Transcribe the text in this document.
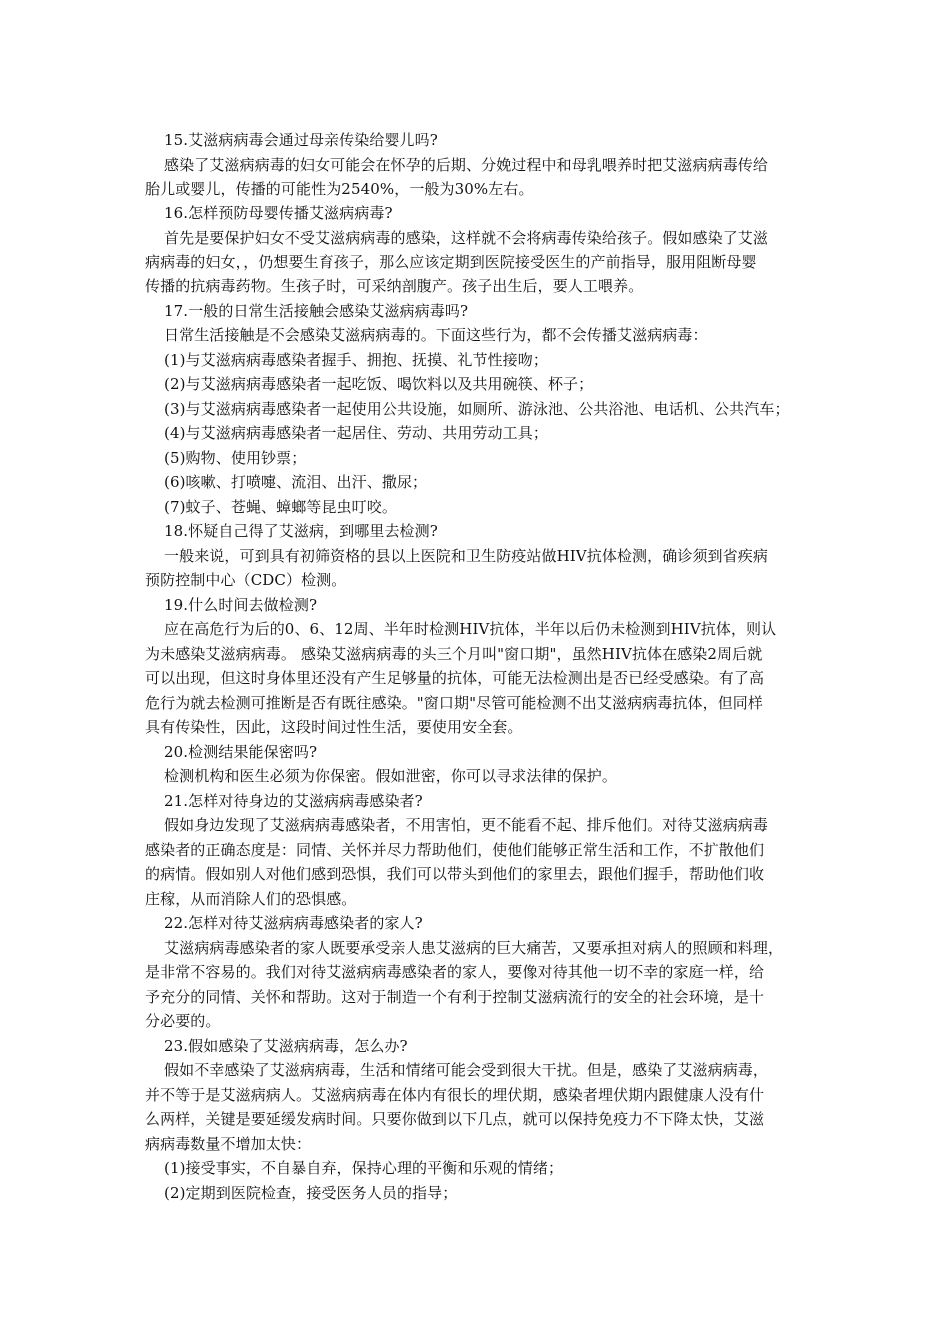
15.艾滋病病毒会通过母亲传染给婴儿吗?
感染了艾滋病病毒的妇女可能会在怀孕的后期、分娩过程中和母乳喂养时把艾滋病病毒传给
胎儿或婴儿，传播的可能性为2540%，一般为30%左右。
16.怎样预防母婴传播艾滋病病毒?
首先是要保护妇女不受艾滋病病毒的感染，这样就不会将病毒传染给孩子。假如感染了艾滋
病病毒的妇女，，仍想要生育孩子，那么应该定期到医院接受医生的产前指导，服用阻断母婴
传播的抗病毒药物。生孩子时，可采纳剖腹产。孩子出生后，要人工喂养。
17.一般的日常生活接触会感染艾滋病病毒吗?
日常生活接触是不会感染艾滋病病毒的。下面这些行为，都不会传播艾滋病病毒：
(1)与艾滋病病毒感染者握手、拥抱、抚摸、礼节性接吻；
(2)与艾滋病病毒感染者一起吃饭、喝饮料以及共用碗筷、杯子；
(3)与艾滋病病毒感染者一起使用公共设施，如厕所、游泳池、公共浴池、电话机、公共汽车；
(4)与艾滋病病毒感染者一起居住、劳动、共用劳动工具；
(5)购物、使用钞票；
(6)咳嗽、打喷嚏、流泪、出汗、撒尿；
(7)蚊子、苍蝇、蟑螂等昆虫叮咬。
18.怀疑自己得了艾滋病，到哪里去检测?
一般来说，可到具有初筛资格的县以上医院和卫生防疫站做HIV抗体检测，确诊须到省疾病
预防控制中心（CDC）检测。
19.什么时间去做检测?
应在高危行为后的0、6、12周、半年时检测HIV抗体，半年以后仍未检测到HIV抗体，则认
为未感染艾滋病病毒。 感染艾滋病病毒的头三个月叫"窗口期"，虽然HIV抗体在感染2周后就
可以出现，但这时身体里还没有产生足够量的抗体，可能无法检测出是否已经受感染。有了高
危行为就去检测可推断是否有既往感染。"窗口期"尽管可能检测不出艾滋病病毒抗体，但同样
具有传染性，因此，这段时间过性生活，要使用安全套。
20.检测结果能保密吗?
检测机构和医生必须为你保密。假如泄密，你可以寻求法律的保护。
21.怎样对待身边的艾滋病病毒感染者?
假如身边发现了艾滋病病毒感染者，不用害怕，更不能看不起、排斥他们。对待艾滋病病毒
感染者的正确态度是：同情、关怀并尽力帮助他们，使他们能够正常生活和工作，不扩散他们
的病情。假如别人对他们感到恐惧，我们可以带头到他们的家里去，跟他们握手，帮助他们收
庄稼，从而消除人们的恐惧感。
22.怎样对待艾滋病病毒感染者的家人?
艾滋病病毒感染者的家人既要承受亲人患艾滋病的巨大痛苦，又要承担对病人的照顾和料理，
是非常不容易的。我们对待艾滋病病毒感染者的家人，要像对待其他一切不幸的家庭一样，给
予充分的同情、关怀和帮助。这对于制造一个有利于控制艾滋病流行的安全的社会环境，是十
分必要的。
23.假如感染了艾滋病病毒，怎么办?
假如不幸感染了艾滋病病毒，生活和情绪可能会受到很大干扰。但是，感染了艾滋病病毒，
并不等于是艾滋病病人。艾滋病病毒在体内有很长的埋伏期，感染者埋伏期内跟健康人没有什
么两样，关键是要延缓发病时间。只要你做到以下几点，就可以保持免疫力不下降太快，艾滋
病病毒数量不增加太快：
(1)接受事实，不自暴自弃，保持心理的平衡和乐观的情绪；
(2)定期到医院检查，接受医务人员的指导；
